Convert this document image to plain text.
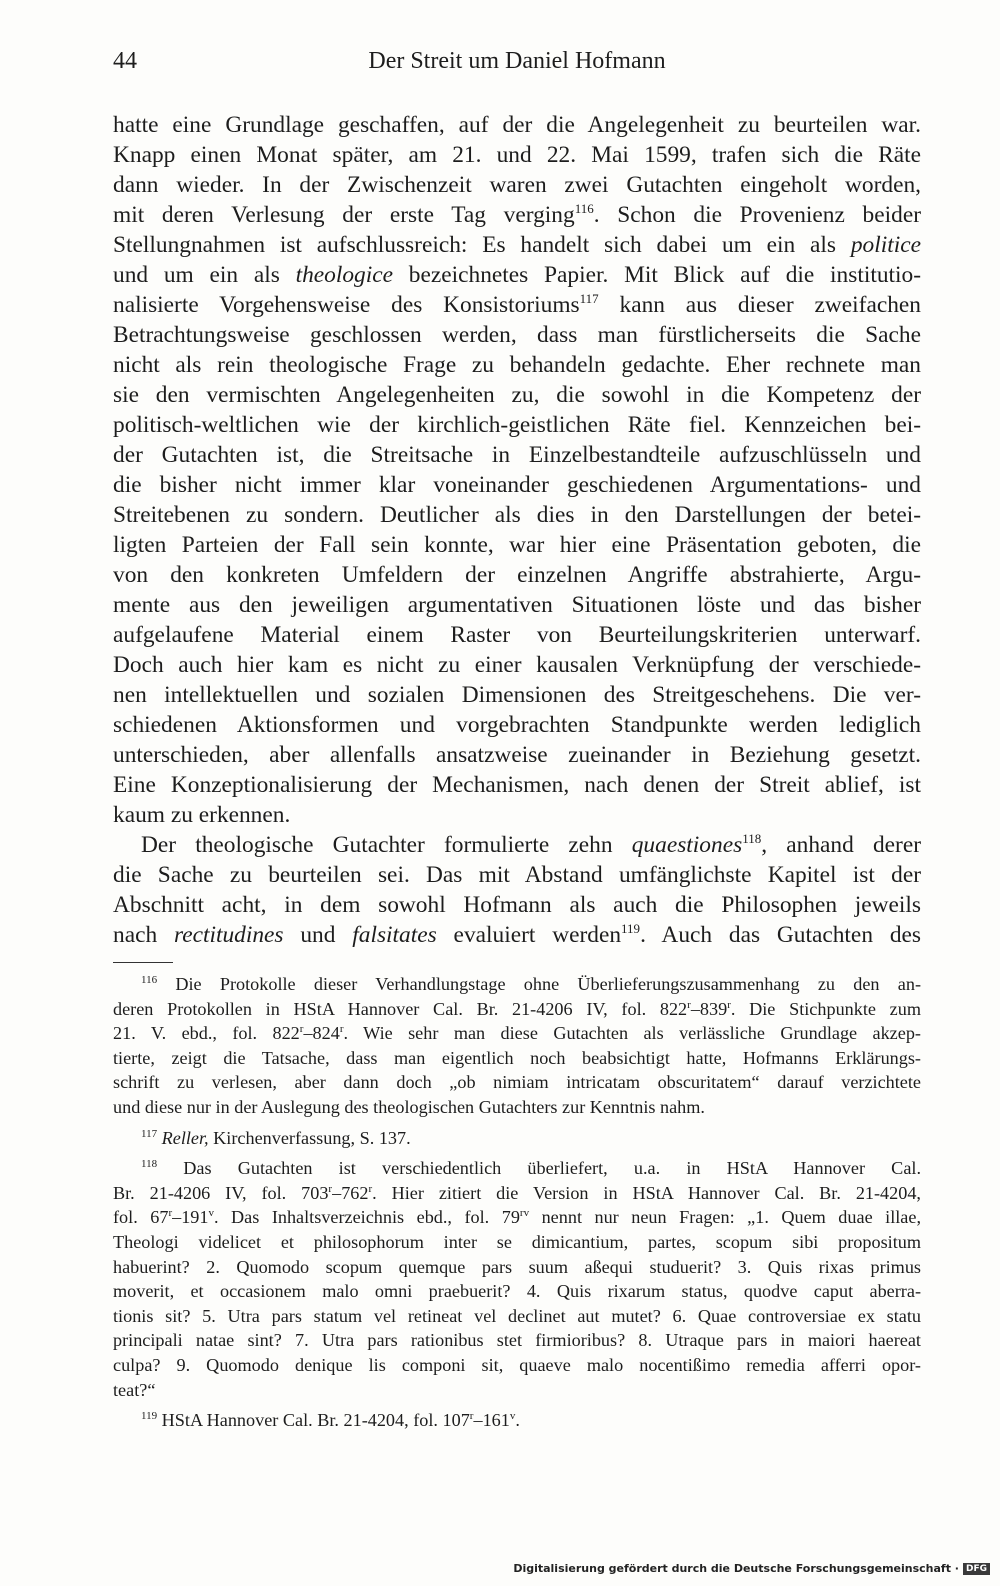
44	Der Streit um Daniel Hofmann
hatte eine Grundlage geschaffen, auf der die Angelegenheit zu beurteilen war.
Knapp einen Monat später, am 21. und 22. Mai 1599, trafen sich die Räte
dann wieder. In der Zwischenzeit waren zwei Gutachten eingeholt worden,
mit deren Verlesung der erste Tag verging$^{116}$. Schon die Provenienz beider
Stellungnahmen ist aufschlussreich: Es handelt sich dabei um ein als politice
und um ein als theologice bezeichnetes Papier. Mit Blick auf die institutio-
nalisierte Vorgehensweise des Konsistoriums$^{117}$ kann aus dieser zweifachen
Betrachtungsweise geschlossen werden, dass man fürstlicherseits die Sache
nicht als rein theologische Frage zu behandeln gedachte. Eher rechnete man
sie den vermischten Angelegenheiten zu, die sowohl in die Kompetenz der
politisch-weltlichen wie der kirchlich-geistlichen Räte fiel. Kennzeichen bei-
der Gutachten ist, die Streitsache in Einzelbestandteile aufzuschlüsseln und
die bisher nicht immer klar voneinander geschiedenen Argumentations- und
Streitebenen zu sondern. Deutlicher als dies in den Darstellungen der betei-
ligten Parteien der Fall sein konnte, war hier eine Präsentation geboten, die
von den konkreten Umfeldern der einzelnen Angriffe abstrahierte, Argu-
mente aus den jeweiligen argumentativen Situationen löste und das bisher
aufgelaufene Material einem Raster von Beurteilungskriterien unterwarf.
Doch auch hier kam es nicht zu einer kausalen Verknüpfung der verschiede-
nen intellektuellen und sozialen Dimensionen des Streitgeschehens. Die ver-
schiedenen Aktionsformen und vorgebrachten Standpunkte werden lediglich
unterschieden, aber allenfalls ansatzweise zueinander in Beziehung gesetzt.
Eine Konzeptionalisierung der Mechanismen, nach denen der Streit ablief, ist
kaum zu erkennen.
Der theologische Gutachter formulierte zehn quaestiones$^{118}$, anhand derer
die Sache zu beurteilen sei. Das mit Abstand umfänglichste Kapitel ist der
Abschnitt acht, in dem sowohl Hofmann als auch die Philosophen jeweils
nach rectitudines und falsitates evaluiert werden$^{119}$. Auch das Gutachten des
$^{116}$ Die Protokolle dieser Verhandlungstage ohne Überlieferungszusammenhang zu den an-
deren Protokollen in HStA Hannover Cal. Br. 21-4206 IV, fol. 822$^r$–839$^r$. Die Stichpunkte zum
21. V. ebd., fol. 822$^r$–824$^r$. Wie sehr man diese Gutachten als verlässliche Grundlage akzep-
tierte, zeigt die Tatsache, dass man eigentlich noch beabsichtigt hatte, Hofmanns Erklärungs-
schrift zu verlesen, aber dann doch „ob nimiam intricatam obscuritatem“ darauf verzichtete
und diese nur in der Auslegung des theologischen Gutachters zur Kenntnis nahm.
$^{117}$ Reller, Kirchenverfassung, S. 137.
$^{118}$ Das Gutachten ist verschiedentlich überliefert, u.a. in HStA Hannover Cal.
Br. 21-4206 IV, fol. 703$^r$–762$^r$. Hier zitiert die Version in HStA Hannover Cal. Br. 21-4204,
fol. 67$^r$–191$^v$. Das Inhaltsverzeichnis ebd., fol. $79^{rv}$ nennt nur neun Fragen: „1. Quem duae illae,
Theologi videlicet et philosophorum inter se dimicantium, partes, scopum sibi propositum
habuerint? 2. Quomodo scopum quemque pars suum aßequi studuerit? 3. Quis rixas primus
moverit, et occasionem malo omni praebuerit? 4. Quis rixarum status, quodve caput aberra-
tionis sit? 5. Utra pars statum vel retineat vel declinet aut mutet? 6. Quae controversiae ex statu
principali natae sint? 7. Utra pars rationibus stet firmioribus? 8. Utraque pars in maiori haereat
culpa? 9. Quomodo denique lis componi sit, quaeve malo nocentißimo remedia afferri opor-
teat?“
$^{119}$ HStA Hannover Cal. Br. 21-4204, fol. 107$^r$–161$^v$.
Digitalisierung gefördert durch die Deutsche Forschungsgemeinschaft · DFG
